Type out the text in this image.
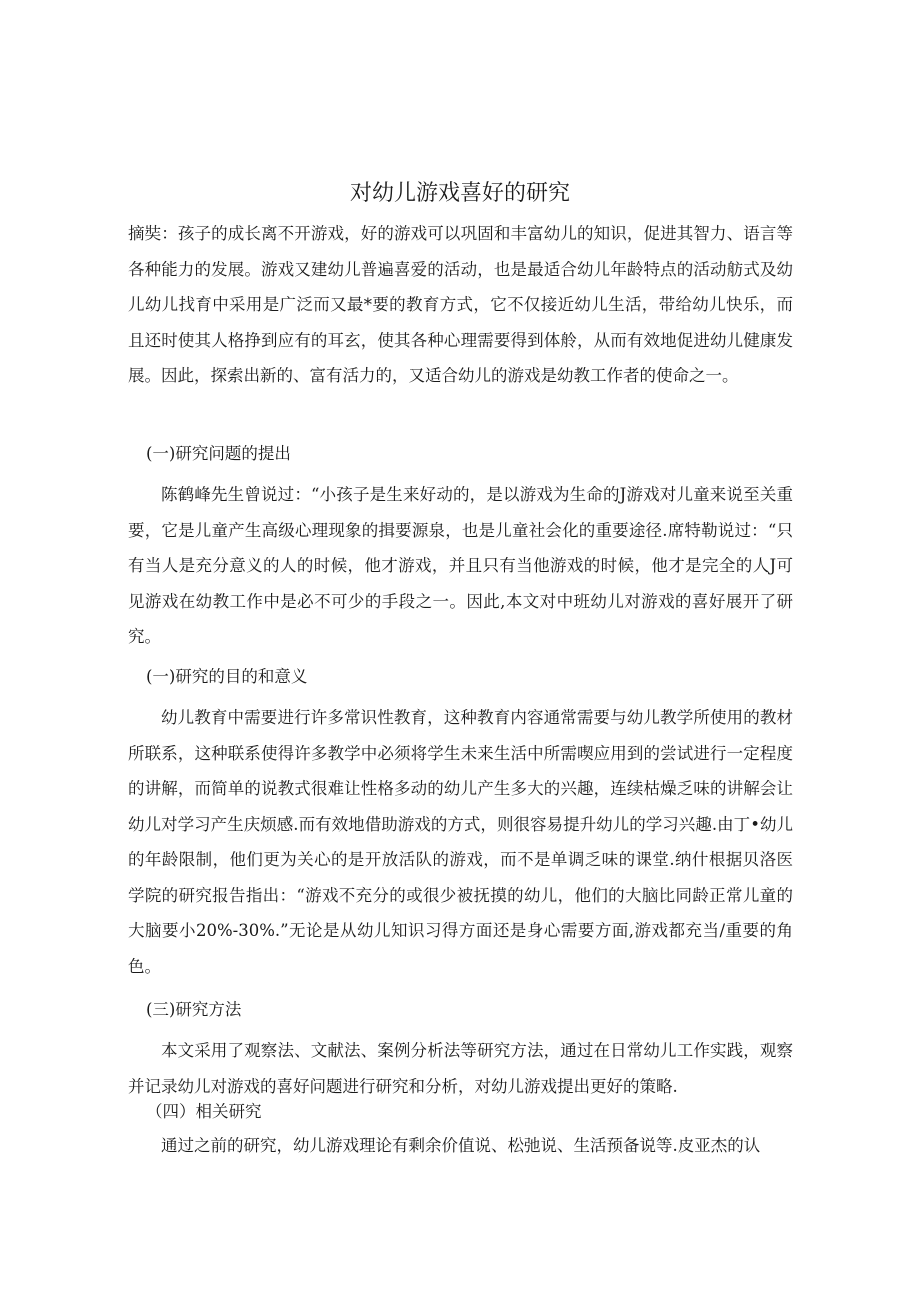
对幼儿游戏喜好的研究

摘奘：孩子的成长离不开游戏，好的游戏可以巩固和丰富幼儿的知识，促进其智力、语言等各种能力的发展。游戏又建幼儿普遍喜爱的活动，也是最适合幼儿年龄特点的活动舫式及幼儿幼儿找育中采用是广泛而又最*要的教育方式，它不仅接近幼儿生活，带给幼儿快乐，而且还时使其人格挣到应有的耳玄，使其各种心理需要得到体舲，从而有效地促进幼儿健康发展。因此，探索出新的、富有活力的，又适合幼儿的游戏是幼教工作者的使命之一。

(一)研究问题的提出

陈鹤峰先生曾说过：“小孩子是生来好动的，是以游戏为生命的J游戏对儿童来说至关重要，它是儿童产生高级心理现象的揖要源泉，也是儿童社会化的重要途径.席特勒说过：“只有当人是充分意义的人的时候，他才游戏，并且只有当他游戏的时候，他才是完全的人J可见游戏在幼教工作中是必不可少的手段之一。因此,本文对中班幼儿对游戏的喜好展开了研究。

(一)研究的目的和意义

幼儿教育中需要进行许多常识性教育，这种教育内容通常需要与幼儿教学所使用的教材所联系，这种联系使得许多教学中必须将学生未来生活中所需喫应用到的尝试进行一定程度的讲解，而简单的说教式很难让性格多动的幼儿产生多大的兴趣，连续枯燥乏味的讲解会让幼儿对学习产生庆烦感.而有效地借助游戏的方式，则很容易提升幼儿的学习兴趣.由丁•幼儿的年龄限制，他们更为关心的是开放活队的游戏，而不是单调乏味的课堂.纳什根据贝洛医学院的研究报告指出：“游戏不充分的或很少被抚摸的幼儿，他们的大脑比同龄正常儿童的大脑要小20%-30%.”无论是从幼儿知识习得方面还是身心需要方面,游戏都充当/重要的角色。

(三)研究方法

本文采用了观察法、文献法、案例分析法等研究方法，通过在日常幼儿工作实践，观察并记录幼儿对游戏的喜好问题进行研究和分析，对幼儿游戏提出更好的策略.

（四）相关研究

通过之前的研究，幼儿游戏理论有剩余价值说、松弛说、生活预备说等.皮亚杰的认
